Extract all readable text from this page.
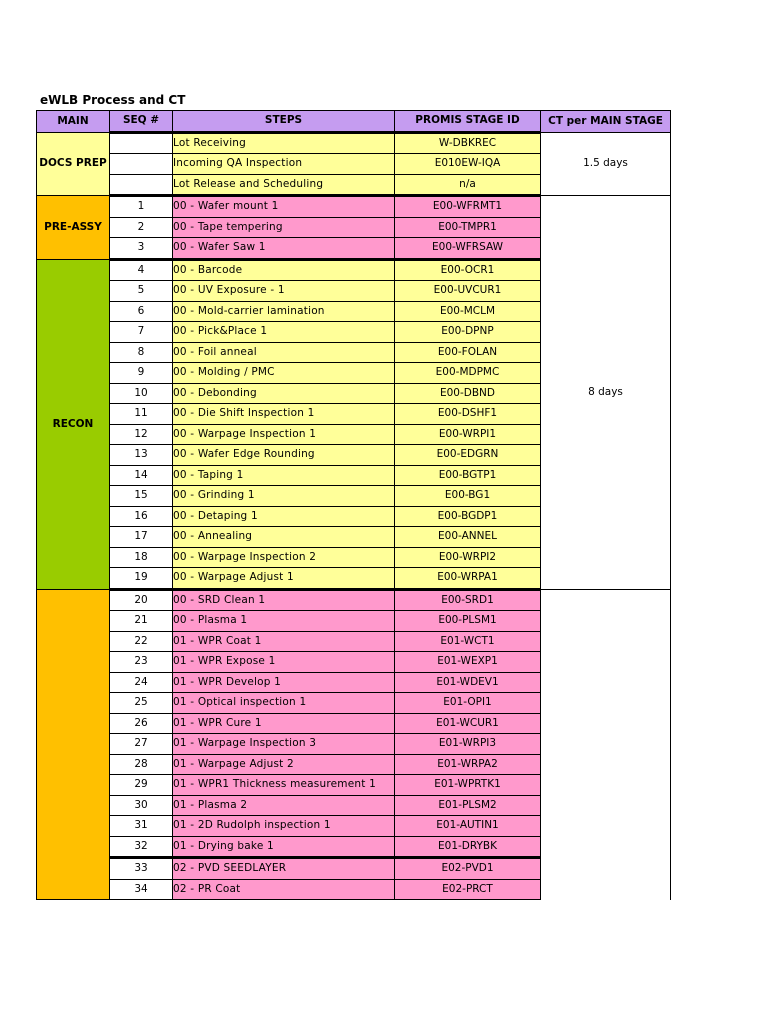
eWLB Process and CT
MAIN	SEQ #	STEPS	PROMIS STAGE ID	CT per MAIN STAGE
DOCS PREP		Lot Receiving	W-DBKREC	1.5 days
		Incoming QA Inspection	E010EW-IQA	
		Lot Release and Scheduling	n/a	
PRE-ASSY	1	00 - Wafer mount 1	E00-WFRMT1	8 days
	2	00 - Tape tempering	E00-TMPR1	
	3	00 - Wafer Saw 1	E00-WFRSAW	
RECON	4	00 - Barcode	E00-OCR1	
	5	00 - UV Exposure - 1	E00-UVCUR1	
	6	00 - Mold-carrier lamination	E00-MCLM	
	7	00 - Pick&Place 1	E00-DPNP	
	8	00 - Foil anneal	E00-FOLAN	
	9	00 - Molding / PMC	E00-MDPMC	
	10	00 - Debonding	E00-DBND	
	11	00 - Die Shift Inspection 1	E00-DSHF1	
	12	00 - Warpage Inspection 1	E00-WRPI1	
	13	00 - Wafer Edge Rounding	E00-EDGRN	
	14	00 - Taping 1	E00-BGTP1	
	15	00 - Grinding 1	E00-BG1	
	16	00 - Detaping 1	E00-BGDP1	
	17	00 - Annealing	E00-ANNEL	
	18	00 - Warpage Inspection 2	E00-WRPI2	
	19	00 - Warpage Adjust 1	E00-WRPA1	
	20	00 - SRD Clean 1	E00-SRD1	
	21	00 - Plasma 1	E00-PLSM1	
	22	01 - WPR Coat 1	E01-WCT1	
	23	01 - WPR Expose 1	E01-WEXP1	
	24	01 - WPR Develop 1	E01-WDEV1	
	25	01 - Optical inspection 1	E01-OPI1	
	26	01 - WPR Cure 1	E01-WCUR1	
	27	01 - Warpage Inspection 3	E01-WRPI3	
	28	01 - Warpage Adjust 2	E01-WRPA2	
	29	01 - WPR1 Thickness measurement 1	E01-WPRTK1	
	30	01 - Plasma 2	E01-PLSM2	
	31	01 - 2D Rudolph inspection 1	E01-AUTIN1	
	32	01 - Drying bake 1	E01-DRYBK	
	33	02 - PVD SEEDLAYER	E02-PVD1	
	34	02 - PR Coat	E02-PRCT	
